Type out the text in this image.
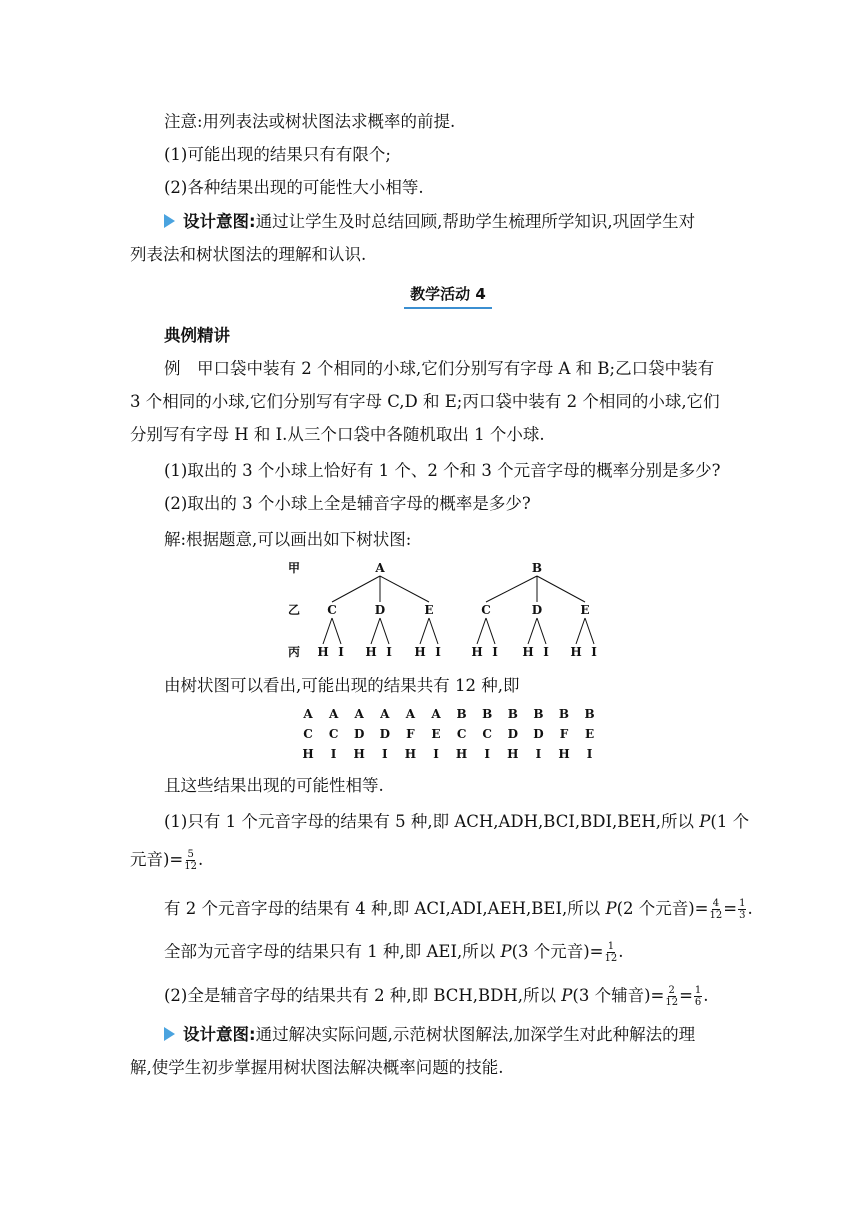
注意:用列表法或树状图法求概率的前提.
(1)可能出现的结果只有有限个;
(2)各种结果出现的可能性大小相等.
设计意图:通过让学生及时总结回顾,帮助学生梳理所学知识,巩固学生对
列表法和树状图法的理解和认识.
教学活动 4
典例精讲
例　甲口袋中装有 2 个相同的小球,它们分别写有字母 A 和 B;乙口袋中装有
3 个相同的小球,它们分别写有字母 C,D 和 E;丙口袋中装有 2 个相同的小球,它们
分别写有字母 H 和 I.从三个口袋中各随机取出 1 个小球.
(1)取出的 3 个小球上恰好有 1 个、2 个和 3 个元音字母的概率分别是多少?
(2)取出的 3 个小球上全是辅音字母的概率是多少?
解:根据题意,可以画出如下树状图:
甲
乙
丙
A	B
C	D	E	C	D	E
H I H I H I	H I H I H I
由树状图可以看出,可能出现的结果共有 12 种,即
A A A A A A B B B B B B
C C D D F E C C D D F E
H I H I H I H I H I H I
且这些结果出现的可能性相等.
(1)只有 1 个元音字母的结果有 5 种,即 ACH,ADH,BCI,BDI,BEH,所以 P(1 个
元音)= $\frac{5}{12}$ .
有 2 个元音字母的结果有 4 种,即 ACI,ADI,AEH,BEI,所以 P(2 个元音)= $\frac{4}{12} = \frac{1}{3}$ .
全部为元音字母的结果只有 1 种,即 AEI,所以 P(3 个元音)= $\frac{1}{12}$ .
(2)全是辅音字母的结果共有 2 种,即 BCH,BDH,所以 P(3 个辅音)= $\frac{2}{12} = \frac{1}{6}$ .
设计意图:通过解决实际问题,示范树状图解法,加深学生对此种解法的理
解,使学生初步掌握用树状图法解决概率问题的技能.
